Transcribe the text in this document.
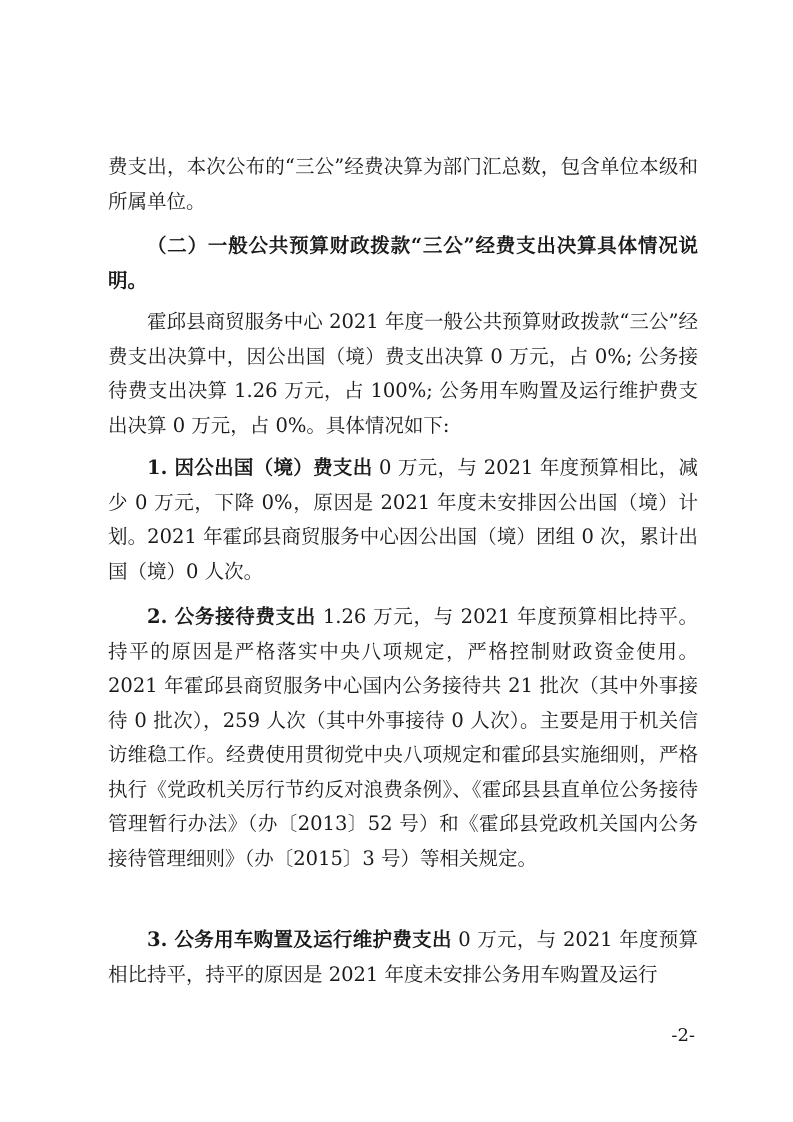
费支出，本次公布的“三公”经费决算为部门汇总数，包含单位本级和所属单位。

（二）一般公共预算财政拨款“三公”经费支出决算具体情况说明。

霍邱县商贸服务中心 2021 年度一般公共预算财政拨款“三公”经费支出决算中，因公出国（境）费支出决算 0 万元，占 0%; 公务接待费支出决算 1.26 万元，占 100%; 公务用车购置及运行维护费支出决算 0 万元，占 0%。具体情况如下:

1. 因公出国（境）费支出 0 万元，与 2021 年度预算相比，减少 0 万元，下降 0%，原因是 2021 年度未安排因公出国（境）计划。2021 年霍邱县商贸服务中心因公出国（境）团组 0 次，累计出国（境）0 人次。

2. 公务接待费支出 1.26 万元，与 2021 年度预算相比持平。持平的原因是严格落实中央八项规定，严格控制财政资金使用。2021 年霍邱县商贸服务中心国内公务接待共 21 批次（其中外事接待 0 批次），259 人次（其中外事接待 0 人次）。主要是用于机关信访维稳工作。经费使用贯彻党中央八项规定和霍邱县实施细则，严格执行《党政机关厉行节约反对浪费条例》、《霍邱县县直单位公务接待管理暂行办法》（办〔2013〕52 号）和《霍邱县党政机关国内公务接待管理细则》（办〔2015〕3 号）等相关规定。

3. 公务用车购置及运行维护费支出 0 万元，与 2021 年度预算相比持平，持平的原因是 2021 年度未安排公务用车购置及运行

-2-
